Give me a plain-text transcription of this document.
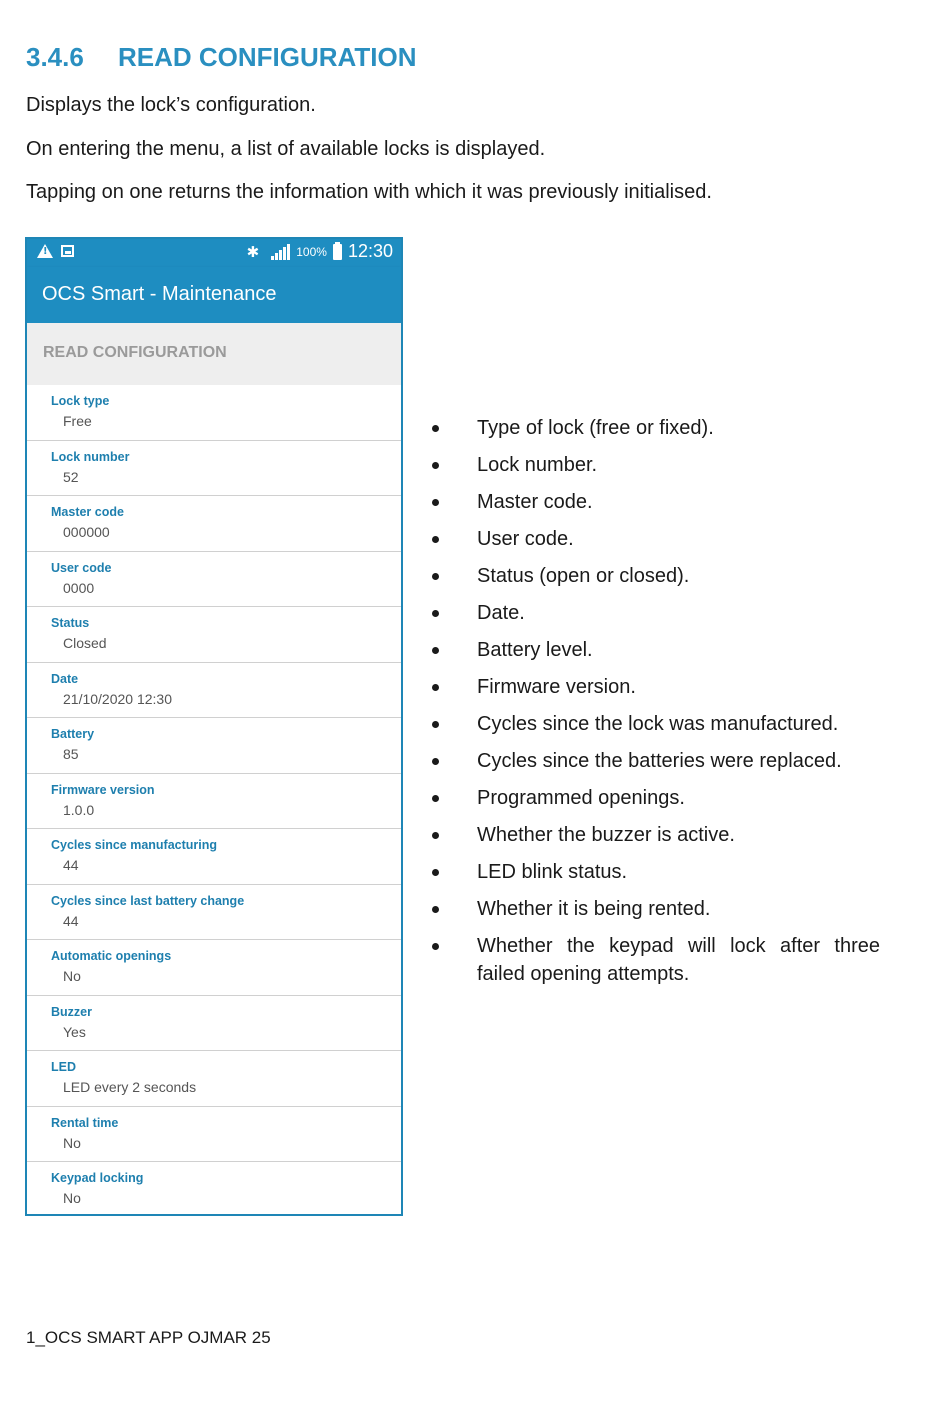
3.4.6 READ CONFIGURATION
Displays the lock’s configuration.
On entering the menu, a list of available locks is displayed.
Tapping on one returns the information with which it was previously initialised.
!
✱	100% 12:30
OCS Smart - Maintenance
READ CONFIGURATION
Lock type
Free
Lock number
52
Master code
000000
User code
0000
Status
Closed
Date
21/10/2020 12:30
Battery
85
Firmware version
1.0.0
Cycles since manufacturing
44
Cycles since last battery change
44
Automatic openings
No
Buzzer
Yes
LED
LED every 2 seconds
Rental time
No
Keypad locking
No
Type of lock (free or fixed).
Lock number.
Master code.
User code.
Status (open or closed).
Date.
Battery level.
Firmware version.
Cycles since the lock was manufactured.
Cycles since the batteries were replaced.
Programmed openings.
Whether the buzzer is active.
LED blink status.
Whether it is being rented.
Whether the keypad will lock after three failed opening attempts.
1_OCS SMART APP OJMAR 25
